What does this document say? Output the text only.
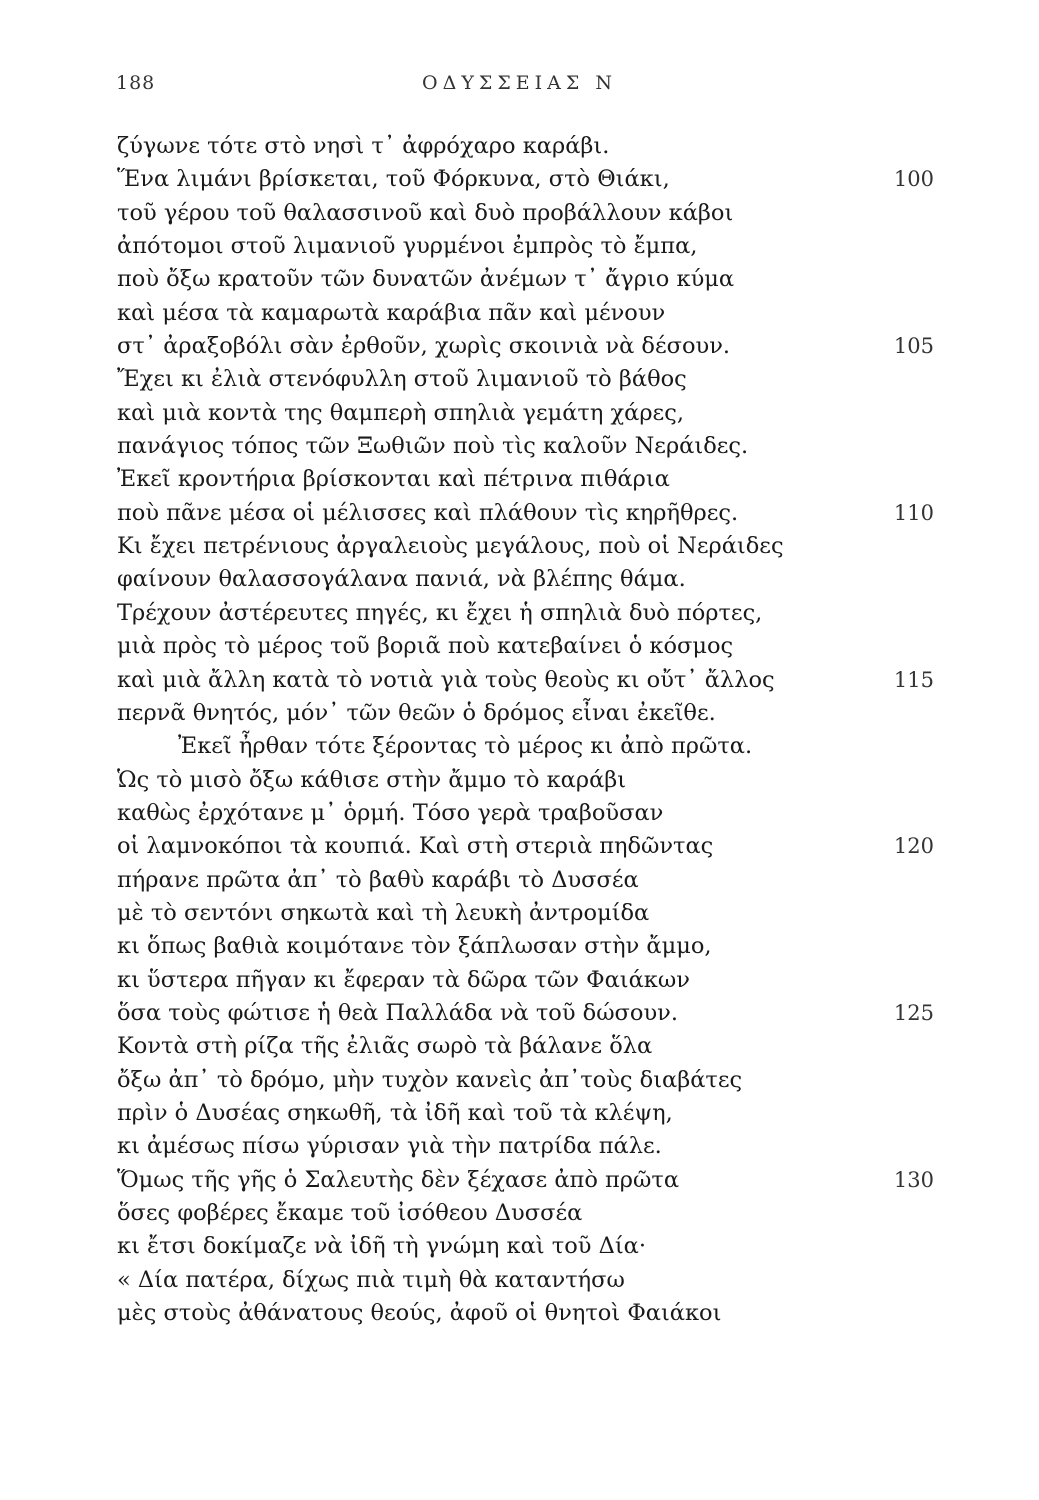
188	ΟΔΥΣΣΕΙΑΣ Ν
ζύγωνε τότε στὸ νησὶ τ᾿ ἀφρόχαρο καράβι.
Ἕνα λιμάνι βρίσκεται, τοῦ Φόρκυνα, στὸ Θιάκι,	100
τοῦ γέρου τοῦ θαλασσινοῦ καὶ δυὸ προβάλλουν κάβοι
ἀπότομοι στοῦ λιμανιοῦ γυρμένοι ἐμπρὸς τὸ ἔμπα,
ποὺ ὄξω κρατοῦν τῶν δυνατῶν ἀνέμων τ᾿ ἄγριο κύμα
καὶ μέσα τὰ καμαρωτὰ καράβια πᾶν καὶ μένουν
στ᾿ ἀραξοβόλι σὰν ἐρθοῦν, χωρὶς σκοινιὰ νὰ δέσουν.	105
Ἔχει κι ἐλιὰ στενόφυλλη στοῦ λιμανιοῦ τὸ βάθος
καὶ μιὰ κοντὰ της θαμπερὴ σπηλιὰ γεμάτη χάρες,
πανάγιος τόπος τῶν Ξωθιῶν ποὺ τὶς καλοῦν Νεράιδες.
Ἐκεῖ κροντήρια βρίσκονται καὶ πέτρινα πιθάρια
ποὺ πᾶνε μέσα οἱ μέλισσες καὶ πλάθουν τὶς κηρῆθρες.	110
Κι ἔχει πετρένιους ἀργαλειοὺς μεγάλους, ποὺ οἱ Νεράιδες
φαίνουν θαλασσογάλανα πανιά, νὰ βλέπης θάμα.
Τρέχουν ἀστέρευτες πηγές, κι ἔχει ἡ σπηλιὰ δυὸ πόρτες,
μιὰ πρὸς τὸ μέρος τοῦ βοριᾶ ποὺ κατεβαίνει ὁ κόσμος
καὶ μιὰ ἄλλη κατὰ τὸ νοτιὰ γιὰ τοὺς θεοὺς κι οὔτ᾿ ἄλλος	115
περνᾶ θνητός, μόν᾿ τῶν θεῶν ὁ δρόμος εἶναι ἐκεῖθε.
Ἐκεῖ ἦρθαν τότε ξέροντας τὸ μέρος κι ἀπὸ πρῶτα.
Ὡς τὸ μισὸ ὄξω κάθισε στὴν ἄμμο τὸ καράβι
καθὼς ἐρχότανε μ᾿ ὁρμή. Τόσο γερὰ τραβοῦσαν
οἱ λαμνοκόποι τὰ κουπιά. Καὶ στὴ στεριὰ πηδῶντας	120
πήρανε πρῶτα ἀπ᾿ τὸ βαθὺ καράβι τὸ Δυσσέα
μὲ τὸ σεντόνι σηκωτὰ καὶ τὴ λευκὴ ἀντρομίδα
κι ὅπως βαθιὰ κοιμότανε τὸν ξάπλωσαν στὴν ἄμμο,
κι ὕστερα πῆγαν κι ἔφεραν τὰ δῶρα τῶν Φαιάκων
ὅσα τοὺς φώτισε ἡ θεὰ Παλλάδα νὰ τοῦ δώσουν.	125
Κοντὰ στὴ ρίζα τῆς ἐλιᾶς σωρὸ τὰ βάλανε ὅλα
ὄξω ἀπ᾿ τὸ δρόμο, μὴν τυχὸν κανεὶς ἀπ᾿τοὺς διαβάτες
πρὶν ὁ Δυσέας σηκωθῆ, τὰ ἰδῆ καὶ τοῦ τὰ κλέψη,
κι ἀμέσως πίσω γύρισαν γιὰ τὴν πατρίδα πάλε.
Ὅμως τῆς γῆς ὁ Σαλευτὴς δὲν ξέχασε ἀπὸ πρῶτα	130
ὅσες φοβέρες ἔκαμε τοῦ ἰσόθεου Δυσσέα
κι ἔτσι δοκίμαζε νὰ ἰδῆ τὴ γνώμη καὶ τοῦ Δία·
« Δία πατέρα, δίχως πιὰ τιμὴ θὰ καταντήσω
μὲς στοὺς ἀθάνατους θεούς, ἀφοῦ οἱ θνητοὶ Φαιάκοι
